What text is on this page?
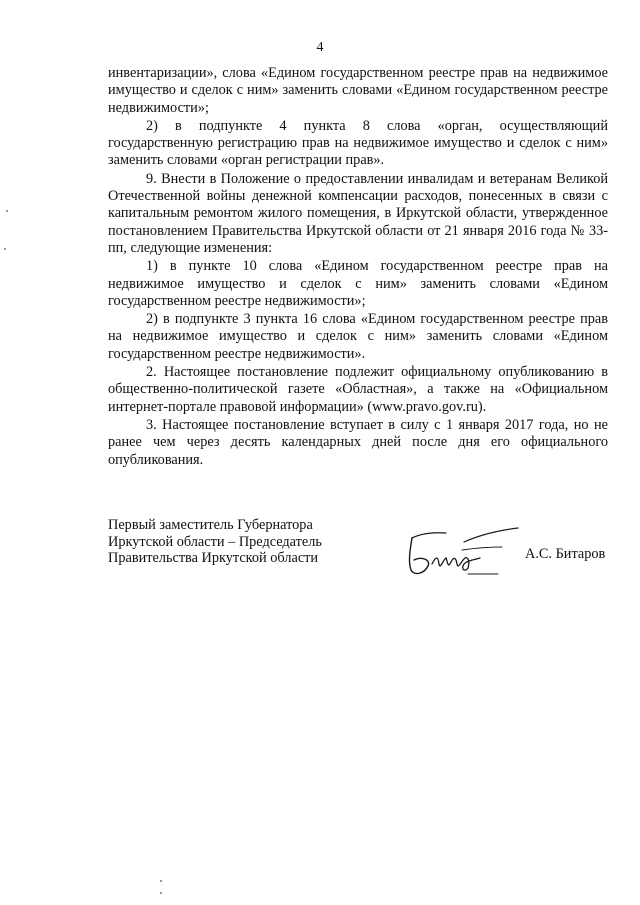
4

инвентаризации», слова «Едином государственном реестре прав на недвижимое имущество и сделок с ним» заменить словами «Едином государственном реестре недвижимости»;

2) в подпункте 4 пункта 8 слова «орган, осуществляющий государственную регистрацию прав на недвижимое имущество и сделок с ним» заменить словами «орган регистрации прав».

9. Внести в Положение о предоставлении инвалидам и ветеранам Великой Отечественной войны денежной компенсации расходов, понесенных в связи с капитальным ремонтом жилого помещения, в Иркутской области, утвержденное постановлением Правительства Иркутской области от 21 января 2016 года № 33-пп, следующие изменения:

1) в пункте 10 слова «Едином государственном реестре прав на недвижимое имущество и сделок с ним» заменить словами «Едином государственном реестре недвижимости»;

2) в подпункте 3 пункта 16 слова «Едином государственном реестре прав на недвижимое имущество и сделок с ним» заменить словами «Едином государственном реестре недвижимости».

2. Настоящее постановление подлежит официальному опубликованию в общественно-политической газете «Областная», а также на «Официальном интернет-портале правовой информации» (www.pravo.gov.ru).

3. Настоящее постановление вступает в силу с 1 января 2017 года, но не ранее чем через десять календарных дней после дня его официального опубликования.

Первый заместитель Губернатора
Иркутской области – Председатель
Правительства Иркутской области	А.С. Битаров
